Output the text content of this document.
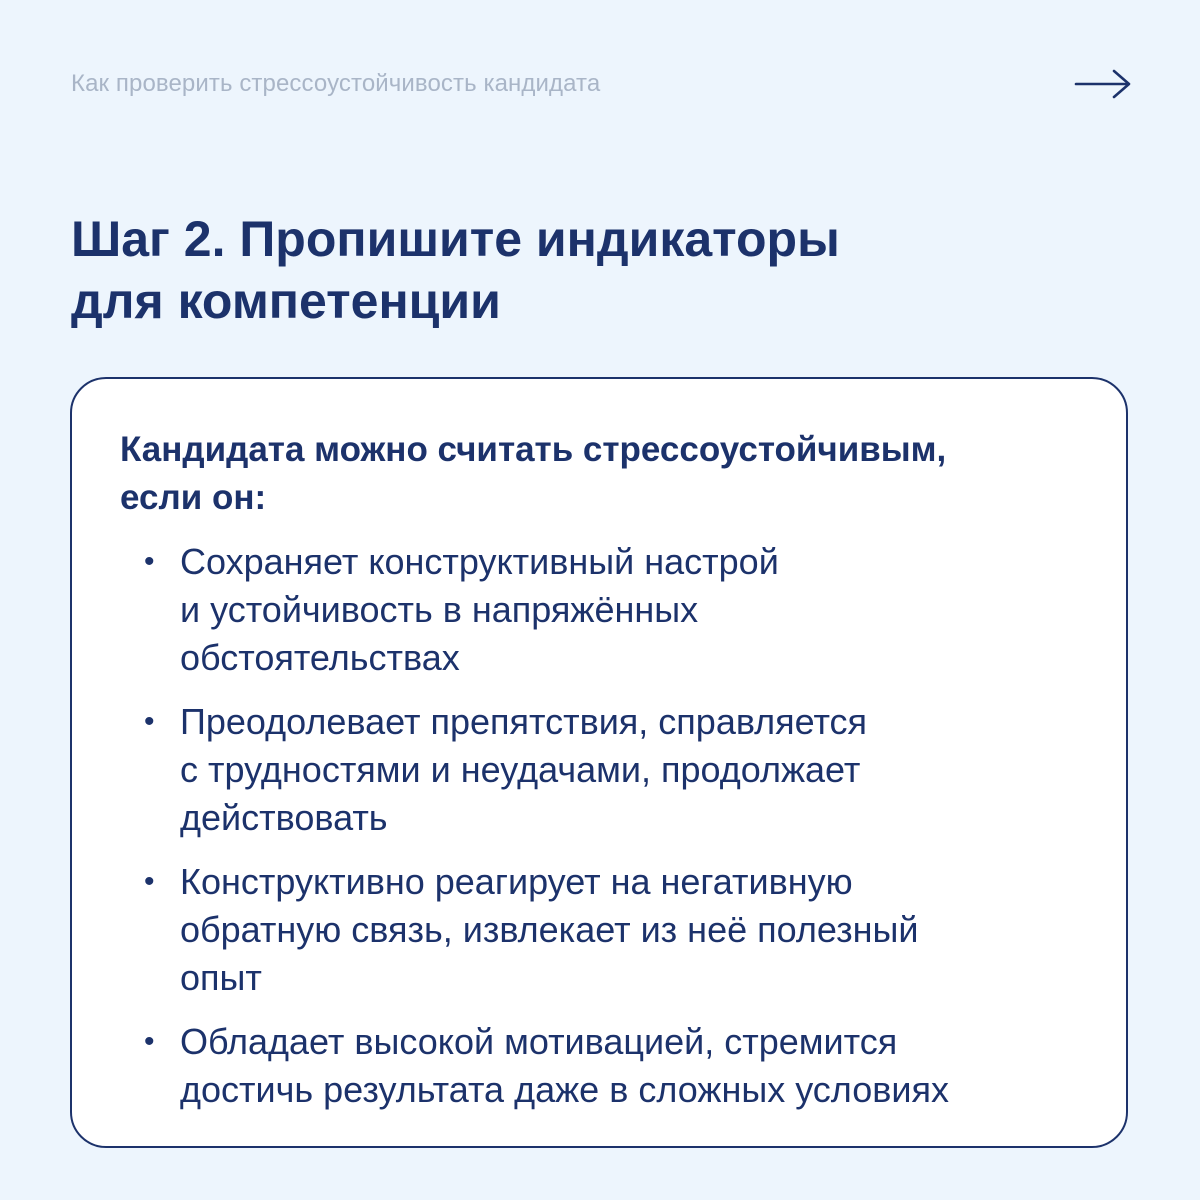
Как проверить стрессоустойчивость кандидата
Шаг 2. Пропишите индикаторы
для компетенции

Кандидата можно считать стрессоустойчивым,
если он:

• Сохраняет конструктивный настрой
и устойчивость в напряжённых
обстоятельствах
• Преодолевает препятствия, справляется
с трудностями и неудачами, продолжает
действовать
• Конструктивно реагирует на негативную
обратную связь, извлекает из неё полезный
опыт
• Обладает высокой мотивацией, стремится
достичь результата даже в сложных условиях
